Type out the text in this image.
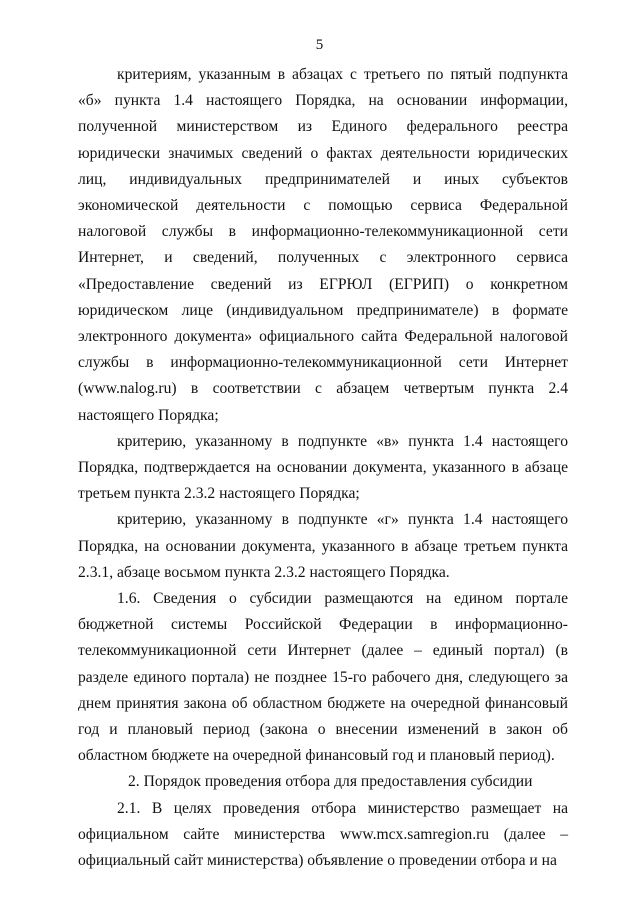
5

критериям, указанным в абзацах с третьего по пятый подпункта «б» пункта 1.4 настоящего Порядка, на основании информации, полученной министерством из Единого федерального реестра юридически значимых сведений о фактах деятельности юридических лиц, индивидуальных предпринимателей и иных субъектов экономической деятельности с помощью сервиса Федеральной налоговой службы в информационно-телекоммуникационной сети Интернет, и сведений, полученных с электронного сервиса «Предоставление сведений из ЕГРЮЛ (ЕГРИП) о конкретном юридическом лице (индивидуальном предпринимателе) в формате электронного документа» официального сайта Федеральной налоговой службы в информационно-телекоммуникационной сети Интернет (www.nalog.ru) в соответствии с абзацем четвертым пункта 2.4 настоящего Порядка;

критерию, указанному в подпункте «в» пункта 1.4 настоящего Порядка, подтверждается на основании документа, указанного в абзаце третьем пункта 2.3.2 настоящего Порядка;

критерию, указанному в подпункте «г» пункта 1.4 настоящего Порядка, на основании документа, указанного в абзаце третьем пункта 2.3.1, абзаце восьмом пункта 2.3.2 настоящего Порядка.

1.6. Сведения о субсидии размещаются на едином портале бюджетной системы Российской Федерации в информационно-телекоммуникационной сети Интернет (далее – единый портал) (в разделе единого портала) не позднее 15-го рабочего дня, следующего за днем принятия закона об областном бюджете на очередной финансовый год и плановый период (закона о внесении изменений в закон об областном бюджете на очередной финансовый год и плановый период).

2. Порядок проведения отбора для предоставления субсидии

2.1. В целях проведения отбора министерство размещает на официальном сайте министерства www.mcx.samregion.ru (далее – официальный сайт министерства) объявление о проведении отбора и на
